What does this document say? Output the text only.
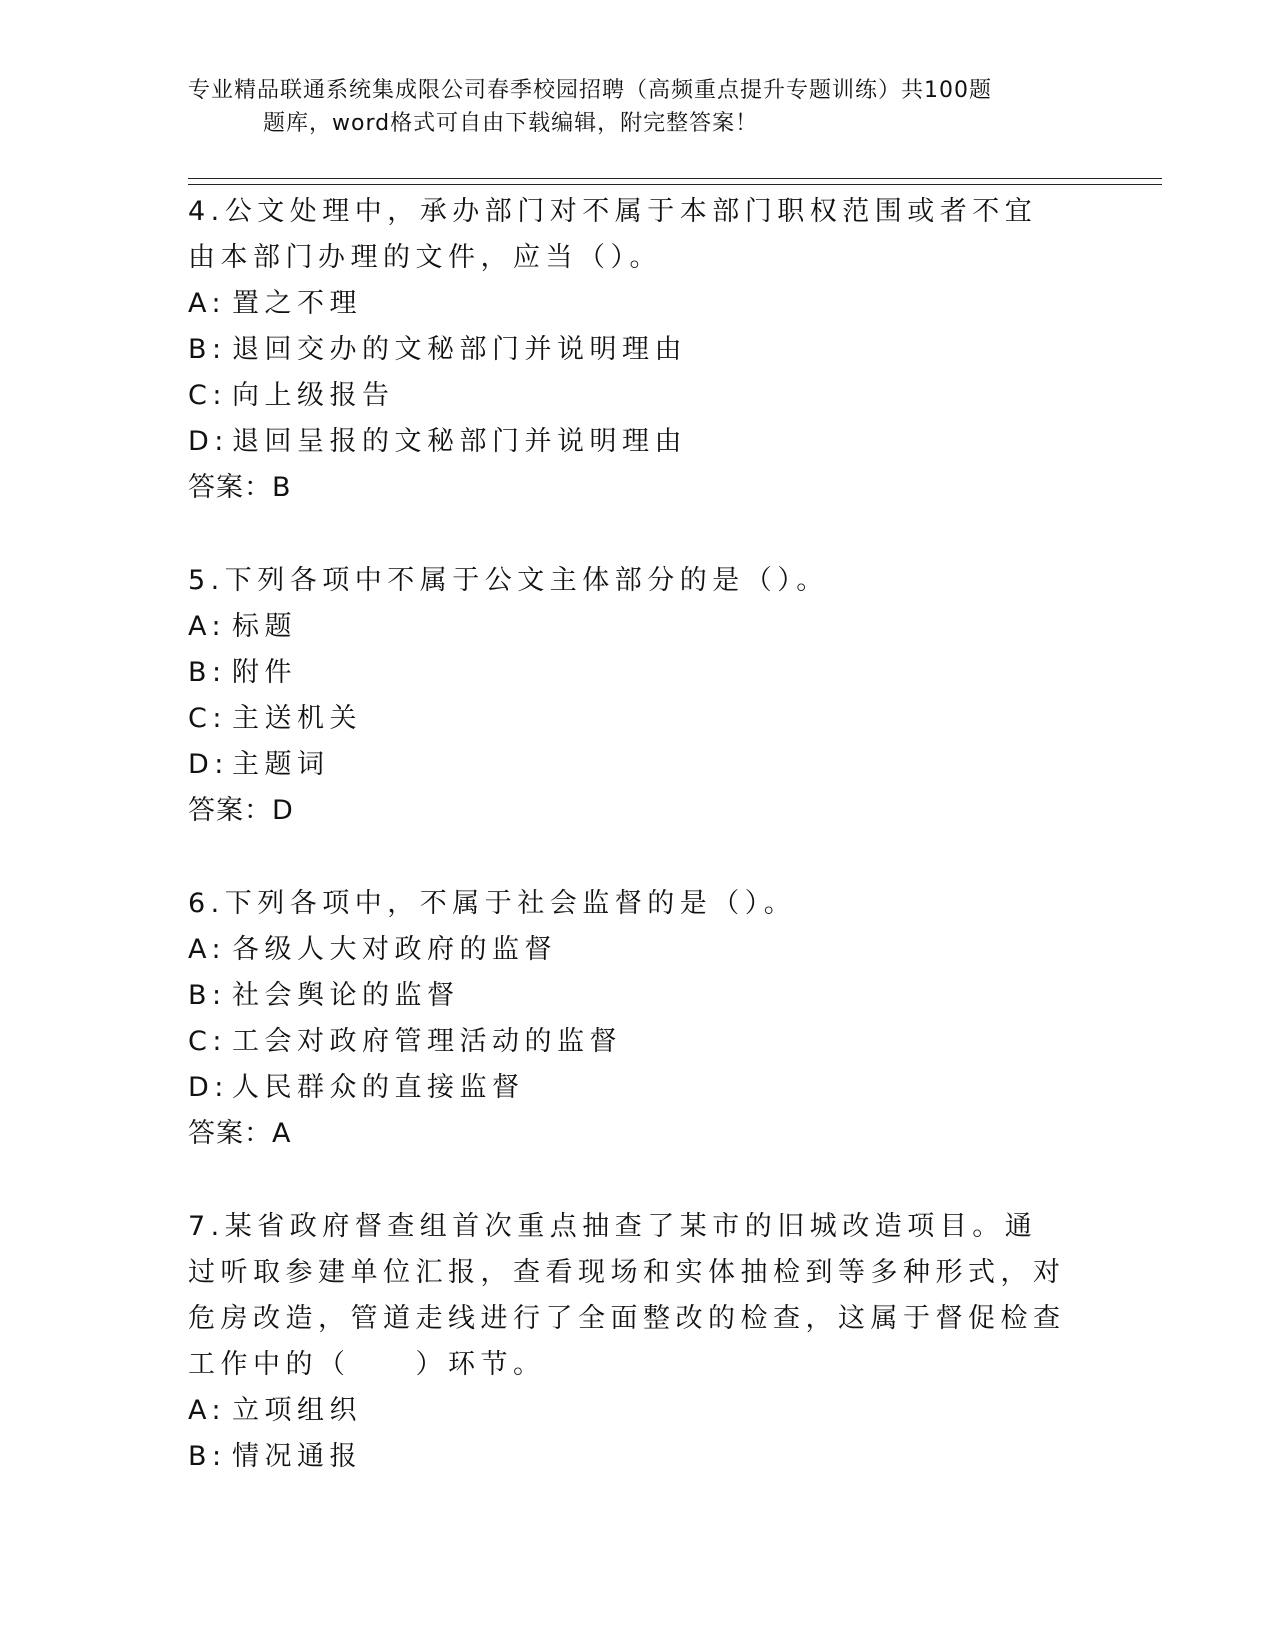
专业精品联通系统集成限公司春季校园招聘（高频重点提升专题训练）共100题
题库，word格式可自由下载编辑，附完整答案！

4.公文处理中，承办部门对不属于本部门职权范围或者不宜由本部门办理的文件，应当（）。

A: 置之不理

B: 退回交办的文秘部门并说明理由

C: 向上级报告

D: 退回呈报的文秘部门并说明理由

答案：B

5.下列各项中不属于公文主体部分的是（）。

A: 标题

B: 附件

C: 主送机关

D: 主题词

答案：D

6.下列各项中，不属于社会监督的是（）。

A: 各级人大对政府的监督

B: 社会舆论的监督

C: 工会对政府管理活动的监督

D: 人民群众的直接监督

答案：A

7.某省政府督查组首次重点抽查了某市的旧城改造项目。通过听取参建单位汇报，查看现场和实体抽检到等多种形式，对危房改造，管道走线进行了全面整改的检查，这属于督促检查工作中的（　　）环节。

A: 立项组织

B: 情况通报
